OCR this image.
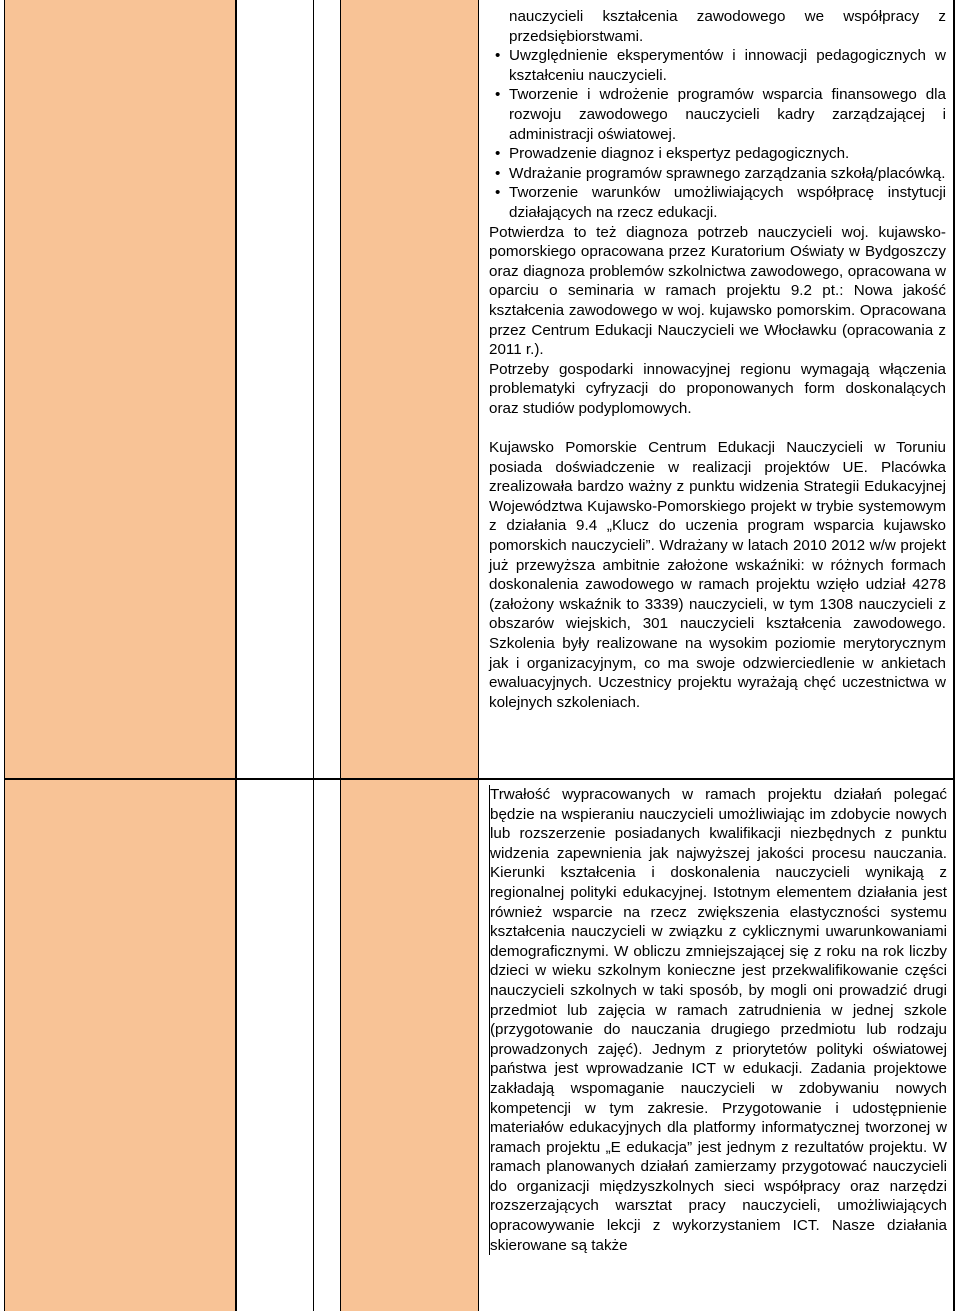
nauczycieli kształcenia zawodowego we współpracy z przedsiębiorstwami.

• Uwzględnienie eksperymentów i innowacji pedagogicznych w kształceniu nauczycieli.
• Tworzenie i wdrożenie programów wsparcia finansowego dla rozwoju zawodowego nauczycieli kadry zarządzającej i administracji oświatowej.
• Prowadzenie diagnoz i ekspertyz pedagogicznych.
• Wdrażanie programów sprawnego zarządzania szkołą/placówką.
• Tworzenie warunków umożliwiających współpracę instytucji działających na rzecz edukacji.

Potwierdza to też diagnoza potrzeb nauczycieli woj. kujawsko-pomorskiego opracowana przez Kuratorium Oświaty w Bydgoszczy oraz diagnoza problemów szkolnictwa zawodowego, opracowana w oparciu o seminaria w ramach projektu 9.2 pt.: Nowa jakość kształcenia zawodowego w woj. kujawsko pomorskim. Opracowana przez Centrum Edukacji Nauczycieli we Włocławku (opracowania z 2011 r.).

Potrzeby gospodarki innowacyjnej regionu wymagają włączenia problematyki cyfryzacji do proponowanych form doskonalących oraz studiów podyplomowych.

Kujawsko Pomorskie Centrum Edukacji Nauczycieli w Toruniu posiada doświadczenie w realizacji projektów UE. Placówka zrealizowała bardzo ważny z punktu widzenia Strategii Edukacyjnej Województwa Kujawsko-Pomorskiego projekt w trybie systemowym z działania 9.4 „Klucz do uczenia program wsparcia kujawsko pomorskich nauczycieli”. Wdrażany w latach 2010 2012 w/w projekt już przewyższa ambitnie założone wskaźniki: w różnych formach doskonalenia zawodowego w ramach projektu wzięło udział 4278 (założony wskaźnik to 3339) nauczycieli, w tym 1308 nauczycieli z obszarów wiejskich, 301 nauczycieli kształcenia zawodowego. Szkolenia były realizowane na wysokim poziomie merytorycznym jak i organizacyjnym, co ma swoje odzwierciedlenie w ankietach ewaluacyjnych. Uczestnicy projektu wyrażają chęć uczestnictwa w kolejnych szkoleniach.

Trwałość wypracowanych w ramach projektu działań polegać będzie na wspieraniu nauczycieli umożliwiając im zdobycie nowych lub rozszerzenie posiadanych kwalifikacji niezbędnych z punktu widzenia zapewnienia jak najwyższej jakości procesu nauczania. Kierunki kształcenia i doskonalenia nauczycieli wynikają z regionalnej polityki edukacyjnej. Istotnym elementem działania jest również wsparcie na rzecz zwiększenia elastyczności systemu kształcenia nauczycieli w związku z cyklicznymi uwarunkowaniami demograficznymi. W obliczu zmniejszającej się z roku na rok liczby dzieci w wieku szkolnym konieczne jest przekwalifikowanie części nauczycieli szkolnych w taki sposób, by mogli oni prowadzić drugi przedmiot lub zajęcia w ramach zatrudnienia w jednej szkole (przygotowanie do nauczania drugiego przedmiotu lub rodzaju prowadzonych zajęć). Jednym z priorytetów polityki oświatowej państwa jest wprowadzanie ICT w edukacji. Zadania projektowe zakładają wspomaganie nauczycieli w zdobywaniu nowych kompetencji w tym zakresie. Przygotowanie i udostępnienie materiałów edukacyjnych dla platformy informatycznej tworzonej w ramach projektu „E edukacja” jest jednym z rezultatów projektu. W ramach planowanych działań zamierzamy przygotować nauczycieli do organizacji międzyszkolnych sieci współpracy oraz narzędzi rozszerzających warsztat pracy nauczycieli, umożliwiających opracowywanie lekcji z wykorzystaniem ICT. Nasze działania skierowane są także
